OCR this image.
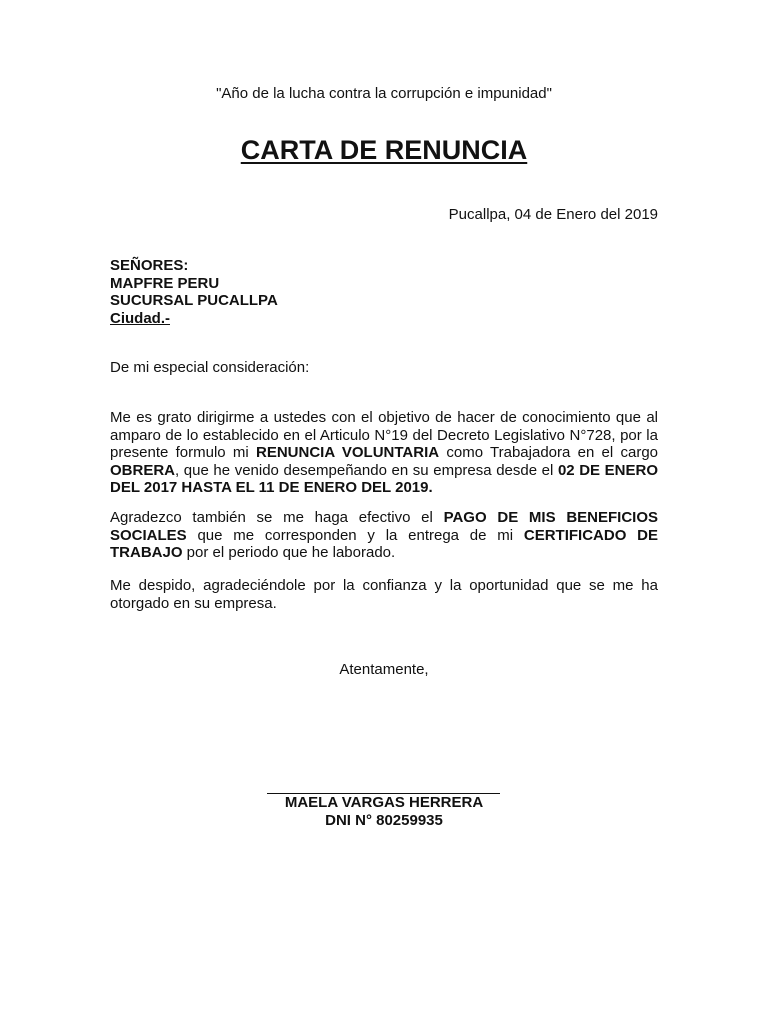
"Año de la lucha contra la corrupción e impunidad"
CARTA DE RENUNCIA
Pucallpa, 04 de Enero del 2019
SEÑORES:
MAPFRE PERU
SUCURSAL PUCALLPA
Ciudad.-
De mi especial consideración:
Me es grato dirigirme a ustedes con el objetivo de hacer de conocimiento que al amparo de lo establecido en el Articulo N°19 del Decreto Legislativo N°728, por la presente formulo mi RENUNCIA VOLUNTARIA como Trabajadora en el cargo OBRERA, que he venido desempeñando en su empresa desde el 02 DE ENERO DEL 2017 HASTA EL 11 DE ENERO DEL 2019.
Agradezco también se me haga efectivo el PAGO DE MIS BENEFICIOS SOCIALES que me corresponden y la entrega de mi CERTIFICADO DE TRABAJO por el periodo que he laborado.
Me despido, agradeciéndole por la confianza y la oportunidad que se me ha otorgado en su empresa.
Atentamente,
MAELA VARGAS HERRERA
DNI N° 80259935
